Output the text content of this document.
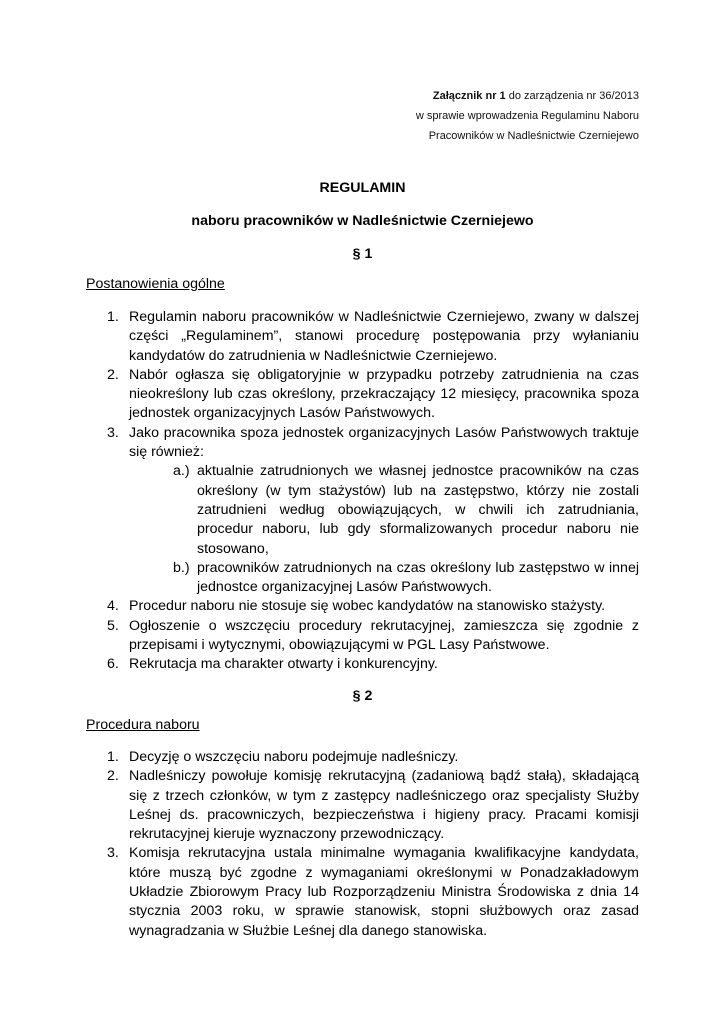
Załącznik nr 1 do zarządzenia nr 36/2013
w sprawie wprowadzenia Regulaminu Naboru
Pracowników w Nadleśnictwie Czerniejewo
REGULAMIN
naboru pracowników w Nadleśnictwie Czerniejewo
§ 1
Postanowienia ogólne
1. Regulamin naboru pracowników w Nadleśnictwie Czerniejewo, zwany w dalszej części „Regulaminem”, stanowi procedurę postępowania przy wyłanianiu kandydatów do zatrudnienia w Nadleśnictwie Czerniejewo.
2. Nabór ogłasza się obligatoryjnie w przypadku potrzeby zatrudnienia na czas nieokreślony lub czas określony, przekraczający 12 miesięcy, pracownika spoza jednostek organizacyjnych Lasów Państwowych.
3. Jako pracownika spoza jednostek organizacyjnych Lasów Państwowych traktuje się również:
a.) aktualnie zatrudnionych we własnej jednostce pracowników na czas określony (w tym stażystów) lub na zastępstwo, którzy nie zostali zatrudnieni według obowiązujących, w chwili ich zatrudniania, procedur naboru, lub gdy sformalizowanych procedur naboru nie stosowano,
b.) pracowników zatrudnionych na czas określony lub zastępstwo w innej jednostce organizacyjnej Lasów Państwowych.
4. Procedur naboru nie stosuje się wobec kandydatów na stanowisko stażysty.
5. Ogłoszenie o wszczęciu procedury rekrutacyjnej, zamieszcza się zgodnie z przepisami i wytycznymi, obowiązującymi w PGL Lasy Państwowe.
6. Rekrutacja ma charakter otwarty i konkurencyjny.
§ 2
Procedura naboru
1. Decyzję o wszczęciu naboru podejmuje nadleśniczy.
2. Nadleśniczy powołuje komisję rekrutacyjną (zadaniową bądź stałą), składającą się z trzech członków, w tym z zastępcy nadleśniczego oraz specjalisty Służby Leśnej ds. pracowniczych, bezpieczeństwa i higieny pracy. Pracami komisji rekrutacyjnej kieruje wyznaczony przewodniczący.
3. Komisja rekrutacyjna ustala minimalne wymagania kwalifikacyjne kandydata, które muszą być zgodne z wymaganiami określonymi w Ponadzakładowym Układzie Zbiorowym Pracy lub Rozporządzeniu Ministra Środowiska z dnia 14 stycznia 2003 roku, w sprawie stanowisk, stopni służbowych oraz zasad wynagradzania w Służbie Leśnej dla danego stanowiska.
